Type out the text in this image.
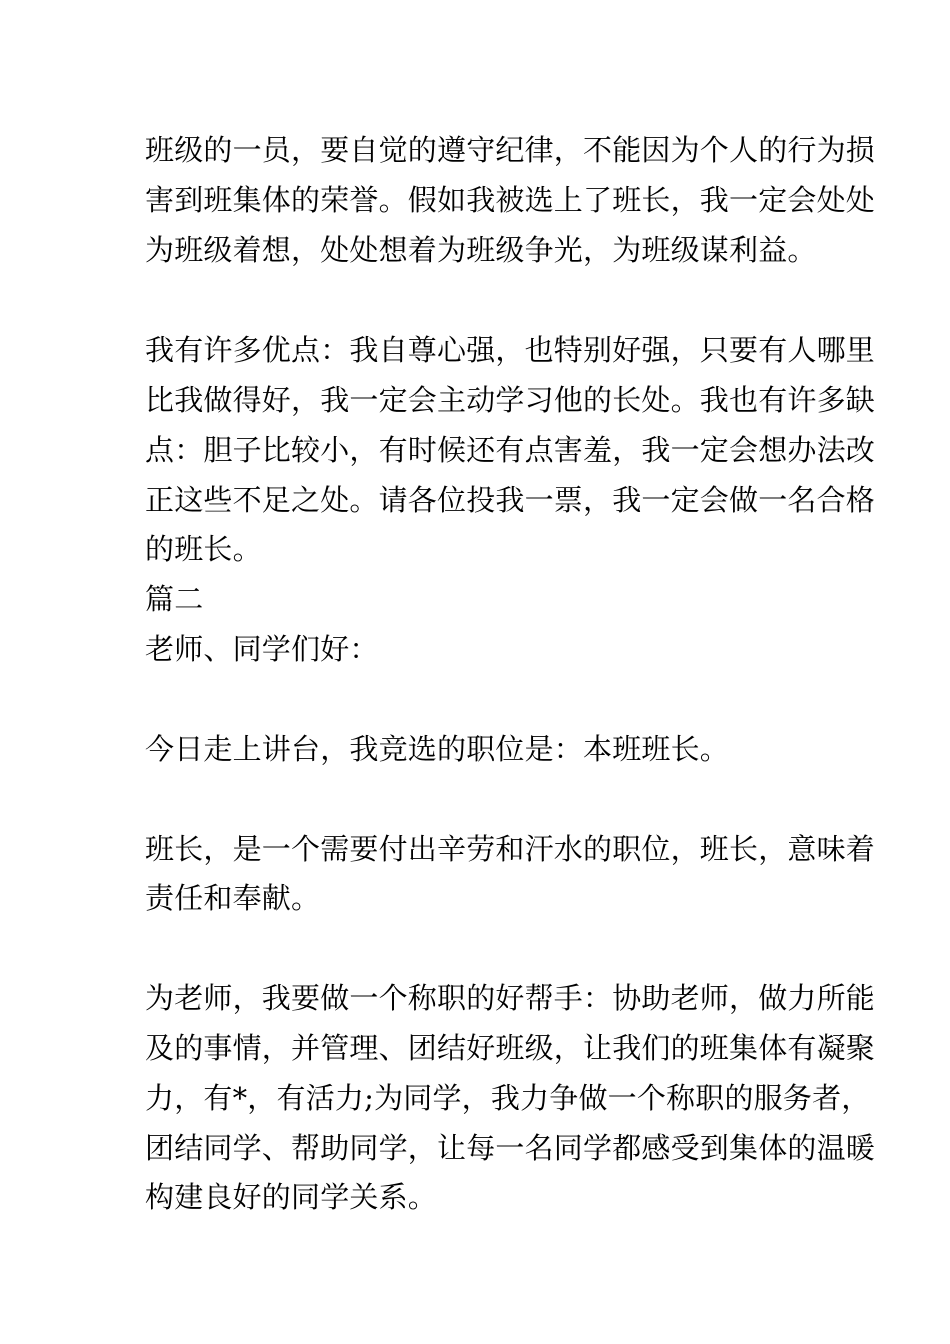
班级的一员，要自觉的遵守纪律，不能因为个人的行为损
害到班集体的荣誉。假如我被选上了班长，我一定会处处
为班级着想，处处想着为班级争光，为班级谋利益。
我有许多优点：我自尊心强，也特别好强，只要有人哪里
比我做得好，我一定会主动学习他的长处。我也有许多缺
点：胆子比较小，有时候还有点害羞，我一定会想办法改
正这些不足之处。请各位投我一票，我一定会做一名合格
的班长。
篇二
老师、同学们好：
今日走上讲台，我竞选的职位是：本班班长。
班长，是一个需要付出辛劳和汗水的职位，班长，意味着
责任和奉献。
为老师，我要做一个称职的好帮手：协助老师，做力所能
及的事情，并管理、团结好班级，让我们的班集体有凝聚
力，有*，有活力;为同学，我力争做一个称职的服务者，
团结同学、帮助同学，让每一名同学都感受到集体的温暖
构建良好的同学关系。
